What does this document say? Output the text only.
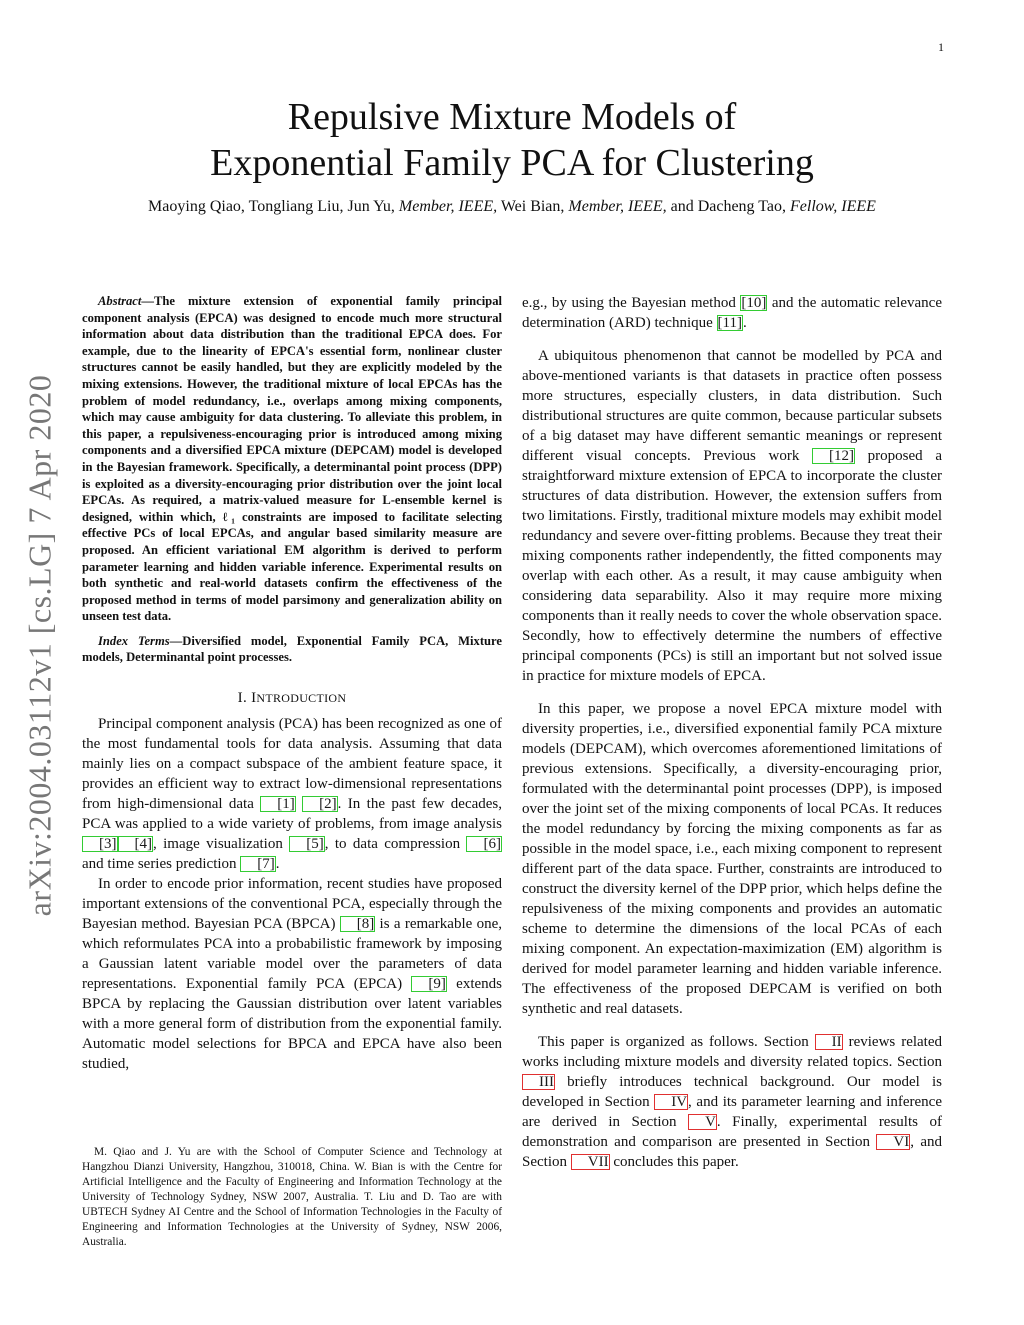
1
arXiv:2004.03112v1 [cs.LG] 7 Apr 2020
Repulsive Mixture Models of
Exponential Family PCA for Clustering
Maoying Qiao, Tongliang Liu, Jun Yu, Member, IEEE, Wei Bian, Member, IEEE, and Dacheng Tao, Fellow, IEEE

Abstract—The mixture extension of exponential family principal component analysis (EPCA) was designed to encode much more structural information about data distribution than the traditional EPCA does. For example, due to the linearity of EPCA's essential form, nonlinear cluster structures cannot be easily handled, but they are explicitly modeled by the mixing extensions. However, the traditional mixture of local EPCAs has the problem of model redundancy, i.e., overlaps among mixing components, which may cause ambiguity for data clustering. To alleviate this problem, in this paper, a repulsiveness-encouraging prior is introduced among mixing components and a diversified EPCA mixture (DEPCAM) model is developed in the Bayesian framework. Specifically, a determinantal point process (DPP) is exploited as a diversity-encouraging prior distribution over the joint local EPCAs. As required, a matrix-valued measure for L-ensemble kernel is designed, within which, ℓ₁ constraints are imposed to facilitate selecting effective PCs of local EPCAs, and angular based similarity measure are proposed. An efficient variational EM algorithm is derived to perform parameter learning and hidden variable inference. Experimental results on both synthetic and real-world datasets confirm the effectiveness of the proposed method in terms of model parsimony and generalization ability on unseen test data.

Index Terms—Diversified model, Exponential Family PCA, Mixture models, Determinantal point processes.

I. INTRODUCTION

Principal component analysis (PCA) has been recognized as one of the most fundamental tools for data analysis. Assuming that data mainly lies on a compact subspace of the ambient feature space, it provides an efficient way to extract low-dimensional representations from high-dimensional data [1] [2]. In the past few decades, PCA was applied to a wide variety of problems, from image analysis [3] [4], image visualization [5], to data compression [6] and time series prediction [7].

In order to encode prior information, recent studies have proposed important extensions of the conventional PCA, especially through the Bayesian method. Bayesian PCA (BPCA) [8] is a remarkable one, which reformulates PCA into a probabilistic framework by imposing a Gaussian latent variable model over the parameters of data representations. Exponential family PCA (EPCA) [9] extends BPCA by replacing the Gaussian distribution over latent variables with a more general form of distribution from the exponential family. Automatic model selections for BPCA and EPCA have also been studied,

M. Qiao and J. Yu are with the School of Computer Science and Technology at Hangzhou Dianzi University, Hangzhou, 310018, China. W. Bian is with the Centre for Artificial Intelligence and the Faculty of Engineering and Information Technology at the University of Technology Sydney, NSW 2007, Australia. T. Liu and D. Tao are with UBTECH Sydney AI Centre and the School of Information Technologies in the Faculty of Engineering and Information Technologies at the University of Sydney, NSW 2006, Australia.

e.g., by using the Bayesian method [10] and the automatic relevance determination (ARD) technique [11].

A ubiquitous phenomenon that cannot be modelled by PCA and above-mentioned variants is that datasets in practice often possess more structures, especially clusters, in data distribution. Such distributional structures are quite common, because particular subsets of a big dataset may have different semantic meanings or represent different visual concepts. Previous work [12] proposed a straightforward mixture extension of EPCA to incorporate the cluster structures of data distribution. However, the extension suffers from two limitations. Firstly, traditional mixture models may exhibit model redundancy and severe over-fitting problems. Because they treat their mixing components rather independently, the fitted components may overlap with each other. As a result, it may cause ambiguity when considering data separability. Also it may require more mixing components than it really needs to cover the whole observation space. Secondly, how to effectively determine the numbers of effective principal components (PCs) is still an important but not solved issue in practice for mixture models of EPCA.

In this paper, we propose a novel EPCA mixture model with diversity properties, i.e., diversified exponential family PCA mixture models (DEPCAM), which overcomes aforementioned limitations of previous extensions. Specifically, a diversity-encouraging prior, formulated with the determinantal point processes (DPP), is imposed over the joint set of the mixing components of local PCAs. It reduces the model redundancy by forcing the mixing components as far as possible in the model space, i.e., each mixing component to represent different part of the data space. Further, constraints are introduced to construct the diversity kernel of the DPP prior, which helps define the repulsiveness of the mixing components and provides an automatic scheme to determine the dimensions of the local PCAs of each mixing component. An expectation-maximization (EM) algorithm is derived for model parameter learning and hidden variable inference. The effectiveness of the proposed DEPCAM is verified on both synthetic and real datasets.

This paper is organized as follows. Section II reviews related works including mixture models and diversity related topics. Section III briefly introduces technical background. Our model is developed in Section IV, and its parameter learning and inference are derived in Section V. Finally, experimental results of demonstration and comparison are presented in Section VI, and Section VII concludes this paper.
